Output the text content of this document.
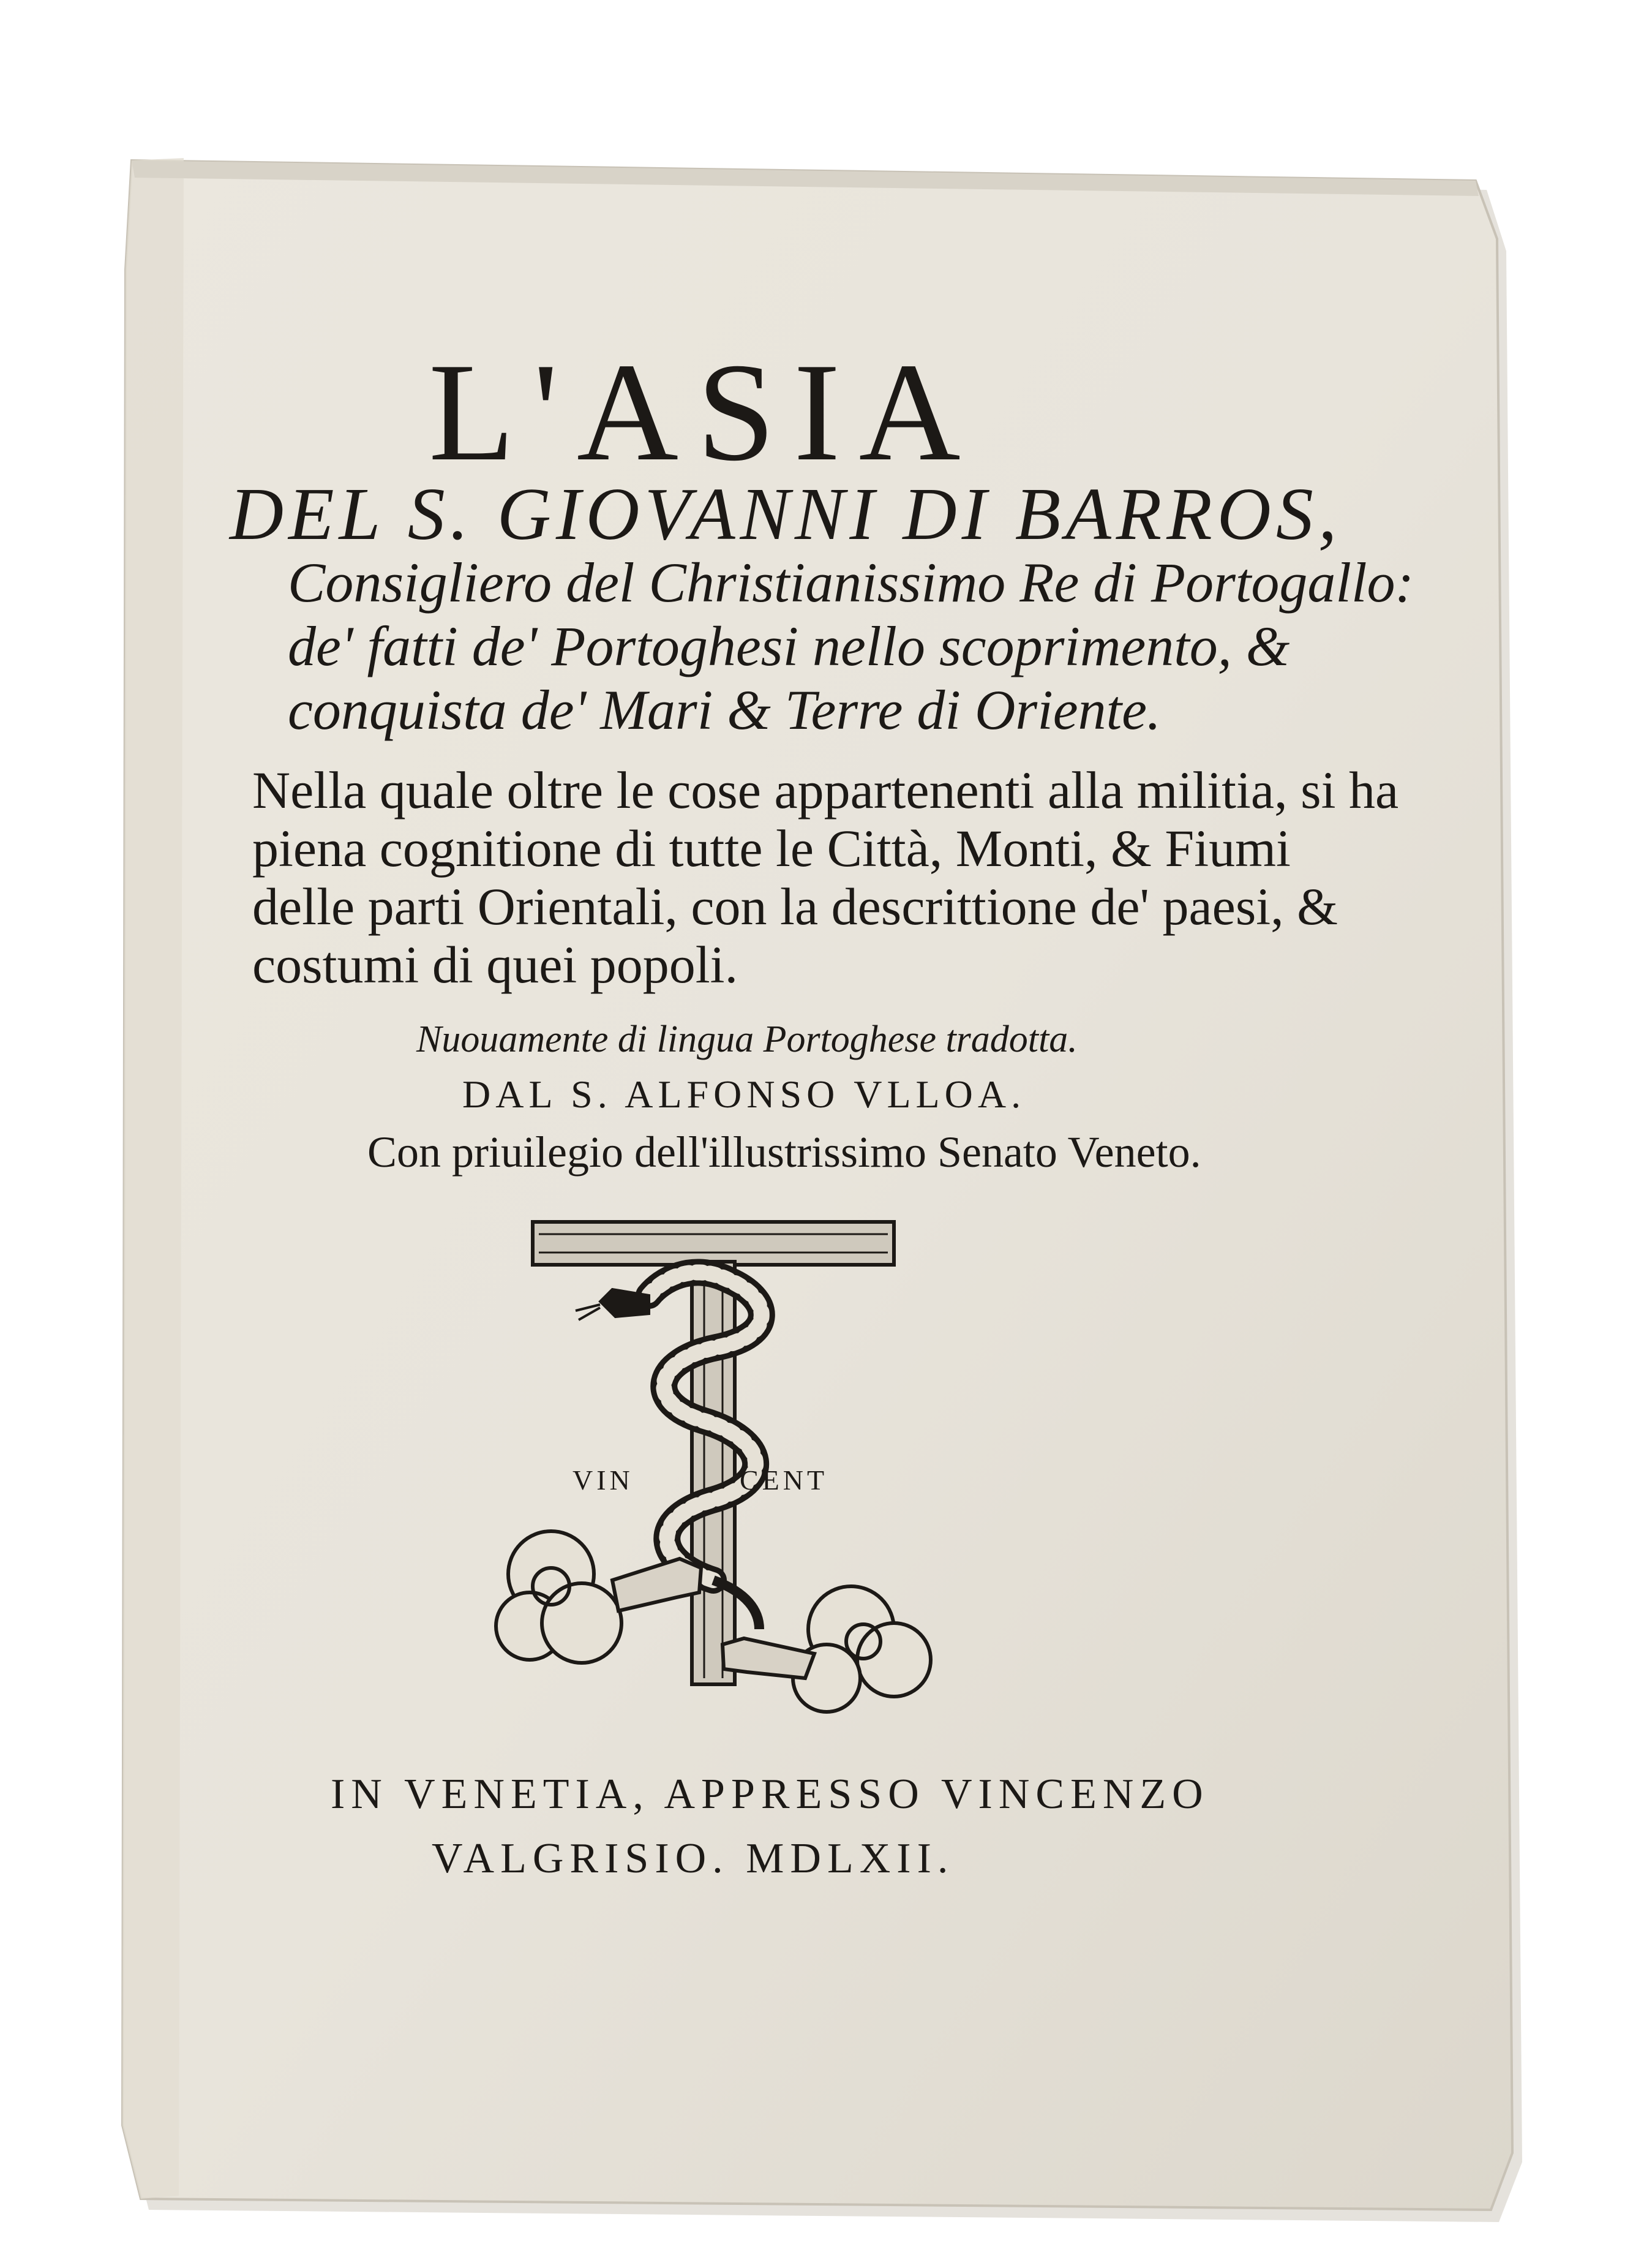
L'ASIA
DEL S. GIOVANNI DI BARROS,
Consigliero del Christianissimo Re di Portogallo:
de' fatti de' Portoghesi nello scoprimento, &
conquista de' Mari & Terre di Oriente.
Nella quale oltre le cose appartenenti alla militia, si ha
piena cognitione di tutte le Città, Monti, & Fiumi
delle parti Orientali, con la descrittione de' paesi, &
costumi di quei popoli.
Nuouamente di lingua Portoghese tradotta.
DAL S. ALFONSO VLLOA.
Con priuilegio dell'illustrissimo Senato Veneto.
VIN	CENT
IN VENETIA, APPRESSO VINCENZO
VALGRISIO. MDLXII.
